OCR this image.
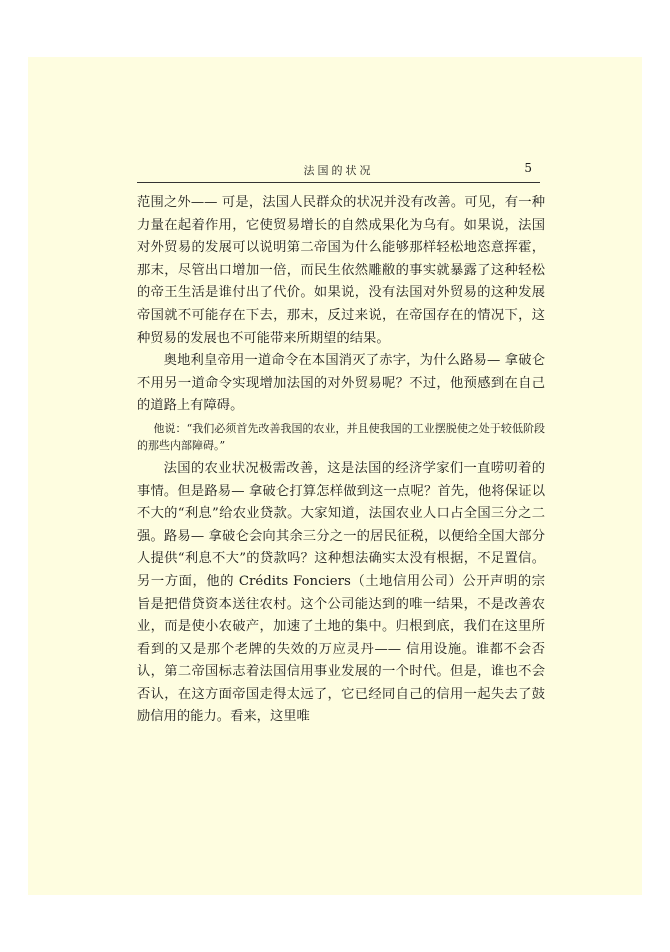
法国的状况	5

范围之外—— 可是，法国人民群众的状况并没有改善。可见，有一种力量在起着作用，它使贸易增长的自然成果化为乌有。如果说，法国对外贸易的发展可以说明第二帝国为什么能够那样轻松地恣意挥霍，那末，尽管出口增加一倍，而民生依然雕敝的事实就暴露了这种轻松的帝王生活是谁付出了代价。如果说，没有法国对外贸易的这种发展帝国就不可能存在下去，那末，反过来说，在帝国存在的情况下，这种贸易的发展也不可能带来所期望的结果。

奥地利皇帝用一道命令在本国消灭了赤字，为什么路易— 拿破仑不用另一道命令实现增加法国的对外贸易呢？不过，他预感到在自己的道路上有障碍。

他说：“我们必须首先改善我国的农业，并且使我国的工业摆脱使之处于较低阶段的那些内部障碍。”

法国的农业状况极需改善，这是法国的经济学家们一直唠叨着的事情。但是路易— 拿破仑打算怎样做到这一点呢？首先，他将保证以不大的“利息”给农业贷款。大家知道，法国农业人口占全国三分之二强。路易— 拿破仑会向其余三分之一的居民征税，以便给全国大部分人提供“利息不大”的贷款吗？这种想法确实太没有根据，不足置信。另一方面，他的 Crédits Fonciers（土地信用公司）公开声明的宗旨是把借贷资本送往农村。这个公司能达到的唯一结果，不是改善农业，而是使小农破产，加速了土地的集中。归根到底，我们在这里所看到的又是那个老牌的失效的万应灵丹—— 信用设施。谁都不会否认，第二帝国标志着法国信用事业发展的一个时代。但是，谁也不会否认，在这方面帝国走得太远了，它已经同自己的信用一起失去了鼓励信用的能力。看来，这里唯
